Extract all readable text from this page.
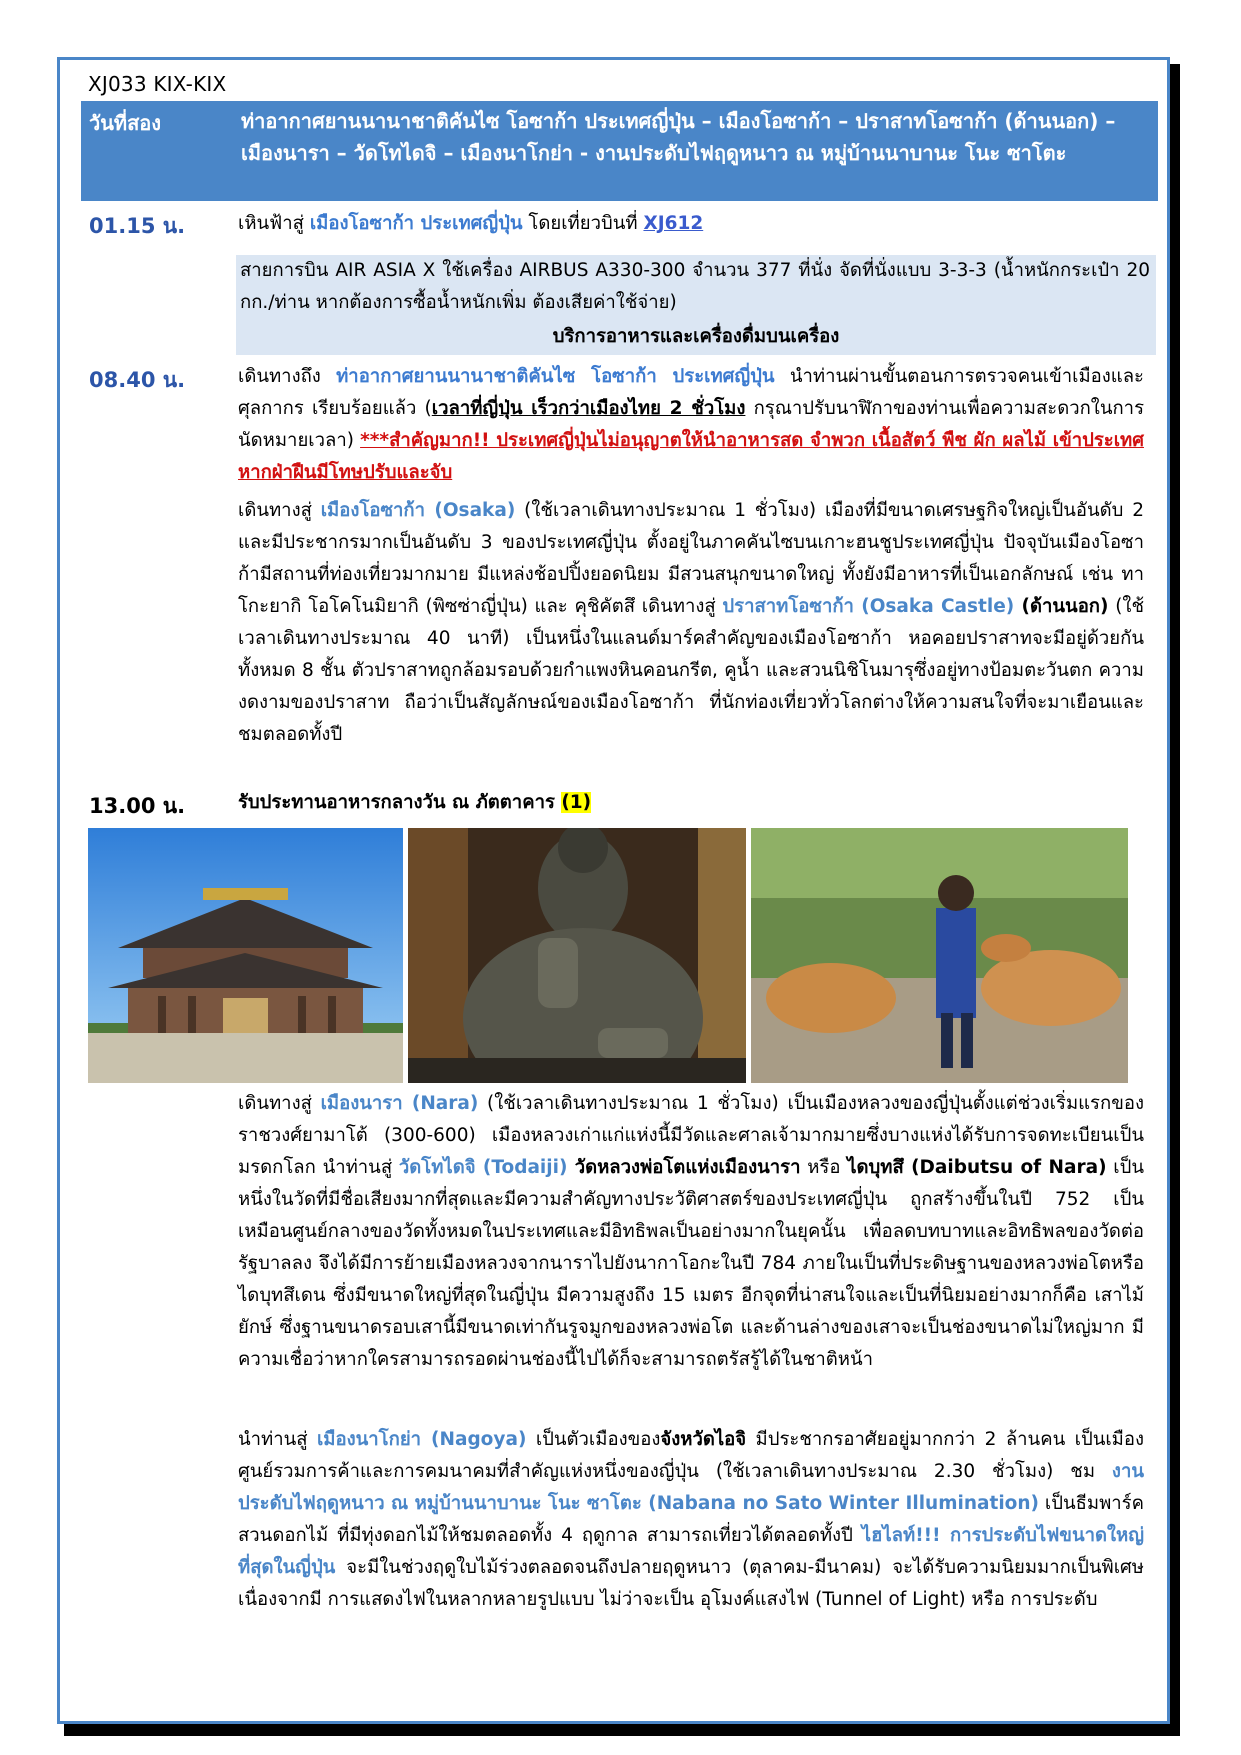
XJ033 KIX-KIX
วันที่สอง	ท่าอากาศยานนานาชาติคันไซ โอซาก้า ประเทศญี่ปุ่น – เมืองโอซาก้า – ปราสาทโอซาก้า (ด้านนอก) – เมืองนารา – วัดโทไดจิ – เมืองนาโกย่า - งานประดับไฟฤดูหนาว ณ หมู่บ้านนาบานะ โนะ ซาโตะ
01.15 น.	เหินฟ้าสู่ เมืองโอซาก้า ประเทศญี่ปุ่น โดยเที่ยวบินที่ XJ612
สายการบิน AIR ASIA X ใช้เครื่อง AIRBUS A330-300 จำนวน 377 ที่นั่ง จัดที่นั่งแบบ 3-3-3 (น้ำหนักกระเป๋า 20 กก./ท่าน หากต้องการซื้อน้ำหนักเพิ่ม ต้องเสียค่าใช้จ่าย)
บริการอาหารและเครื่องดื่มบนเครื่อง
08.40 น.	เดินทางถึง ท่าอากาศยานนานาชาติคันไซ โอซาก้า ประเทศญี่ปุ่น นำท่านผ่านขั้นตอนการตรวจคนเข้าเมืองและศุลกากร เรียบร้อยแล้ว (เวลาที่ญี่ปุ่น เร็วกว่าเมืองไทย 2 ชั่วโมง กรุณาปรับนาฬิกาของท่านเพื่อความสะดวกในการนัดหมายเวลา) ***สำคัญมาก!! ประเทศญี่ปุ่นไม่อนุญาตให้นำอาหารสด จำพวก เนื้อสัตว์ พืช ผัก ผลไม้ เข้าประเทศ หากฝ่าฝืนมีโทษปรับและจับ
เดินทางสู่ เมืองโอซาก้า (Osaka) (ใช้เวลาเดินทางประมาณ 1 ชั่วโมง) เมืองที่มีขนาดเศรษฐกิจใหญ่เป็นอันดับ 2 และมีประชากรมากเป็นอันดับ 3 ของประเทศญี่ปุ่น ตั้งอยู่ในภาคคันไซบนเกาะฮนชูประเทศญี่ปุ่น ปัจจุบันเมืองโอซาก้ามีสถานที่ท่องเที่ยวมากมาย มีแหล่งช้อปปิ้งยอดนิยม มีสวนสนุกขนาดใหญ่ ทั้งยังมีอาหารที่เป็นเอกลักษณ์ เช่น ทาโกะยากิ โอโคโนมิยากิ (พิซซ่าญี่ปุ่น) และ คุชิคัตสึ เดินทางสู่ ปราสาทโอซาก้า (Osaka Castle) (ด้านนอก) (ใช้เวลาเดินทางประมาณ 40 นาที) เป็นหนึ่งในแลนด์มาร์คสำคัญของเมืองโอซาก้า หอคอยปราสาทจะมีอยู่ด้วยกันทั้งหมด 8 ชั้น ตัวปราสาทถูกล้อมรอบด้วยกำแพงหินคอนกรีต, คูน้ำ และสวนนิชิโนมารุซึ่งอยู่ทางป้อมตะวันตก ความงดงามของปราสาท ถือว่าเป็นสัญลักษณ์ของเมืองโอซาก้า ที่นักท่องเที่ยวทั่วโลกต่างให้ความสนใจที่จะมาเยือนและชมตลอดทั้งปี
13.00 น.	รับประทานอาหารกลางวัน ณ ภัตตาคาร (1)
เดินทางสู่ เมืองนารา (Nara) (ใช้เวลาเดินทางประมาณ 1 ชั่วโมง) เป็นเมืองหลวงของญี่ปุ่นตั้งแต่ช่วงเริ่มแรกของราชวงศ์ยามาโต้ (300-600) เมืองหลวงเก่าแก่แห่งนี้มีวัดและศาลเจ้ามากมายซึ่งบางแห่งได้รับการจดทะเบียนเป็นมรดกโลก นำท่านสู่ วัดโทไดจิ (Todaiji) วัดหลวงพ่อโตแห่งเมืองนารา หรือ ไดบุทสึ (Daibutsu of Nara) เป็นหนึ่งในวัดที่มีชื่อเสียงมากที่สุดและมีความสำคัญทางประวัติศาสตร์ของประเทศญี่ปุ่น ถูกสร้างขึ้นในปี 752 เป็นเหมือนศูนย์กลางของวัดทั้งหมดในประเทศและมีอิทธิพลเป็นอย่างมากในยุคนั้น เพื่อลดบทบาทและอิทธิพลของวัดต่อรัฐบาลลง จึงได้มีการย้ายเมืองหลวงจากนาราไปยังนากาโอกะในปี 784 ภายในเป็นที่ประดิษฐานของหลวงพ่อโตหรือไดบุทสึเดน ซึ่งมีขนาดใหญ่ที่สุดในญี่ปุ่น มีความสูงถึง 15 เมตร อีกจุดที่น่าสนใจและเป็นที่นิยมอย่างมากก็คือ เสาไม้ยักษ์ ซึ่งฐานขนาดรอบเสานี้มีขนาดเท่ากันรูจมูกของหลวงพ่อโต และด้านล่างของเสาจะเป็นช่องขนาดไม่ใหญ่มาก มีความเชื่อว่าหากใครสามารถรอดผ่านช่องนี้ไปได้ก็จะสามารถตรัสรู้ได้ในชาติหน้า
นำท่านสู่ เมืองนาโกย่า (Nagoya) เป็นตัวเมืองของจังหวัดไอจิ มีประชากรอาศัยอยู่มากกว่า 2 ล้านคน เป็นเมืองศูนย์รวมการค้าและการคมนาคมที่สำคัญแห่งหนึ่งของญี่ปุ่น (ใช้เวลาเดินทางประมาณ 2.30 ชั่วโมง) ชม งานประดับไฟฤดูหนาว ณ หมู่บ้านนาบานะ โนะ ซาโตะ (Nabana no Sato Winter Illumination) เป็นธีมพาร์คสวนดอกไม้ ที่มีทุ่งดอกไม้ให้ชมตลอดทั้ง 4 ฤดูกาล สามารถเที่ยวได้ตลอดทั้งปี ไฮไลท์!!! การประดับไฟขนาดใหญ่ที่สุดในญี่ปุ่น จะมีในช่วงฤดูใบไม้ร่วงตลอดจนถึงปลายฤดูหนาว (ตุลาคม-มีนาคม) จะได้รับความนิยมมากเป็นพิเศษ เนื่องจากมี การแสดงไฟในหลากหลายรูปแบบ ไม่ว่าจะเป็น อุโมงค์แสงไฟ (Tunnel of Light) หรือ การประดับ
